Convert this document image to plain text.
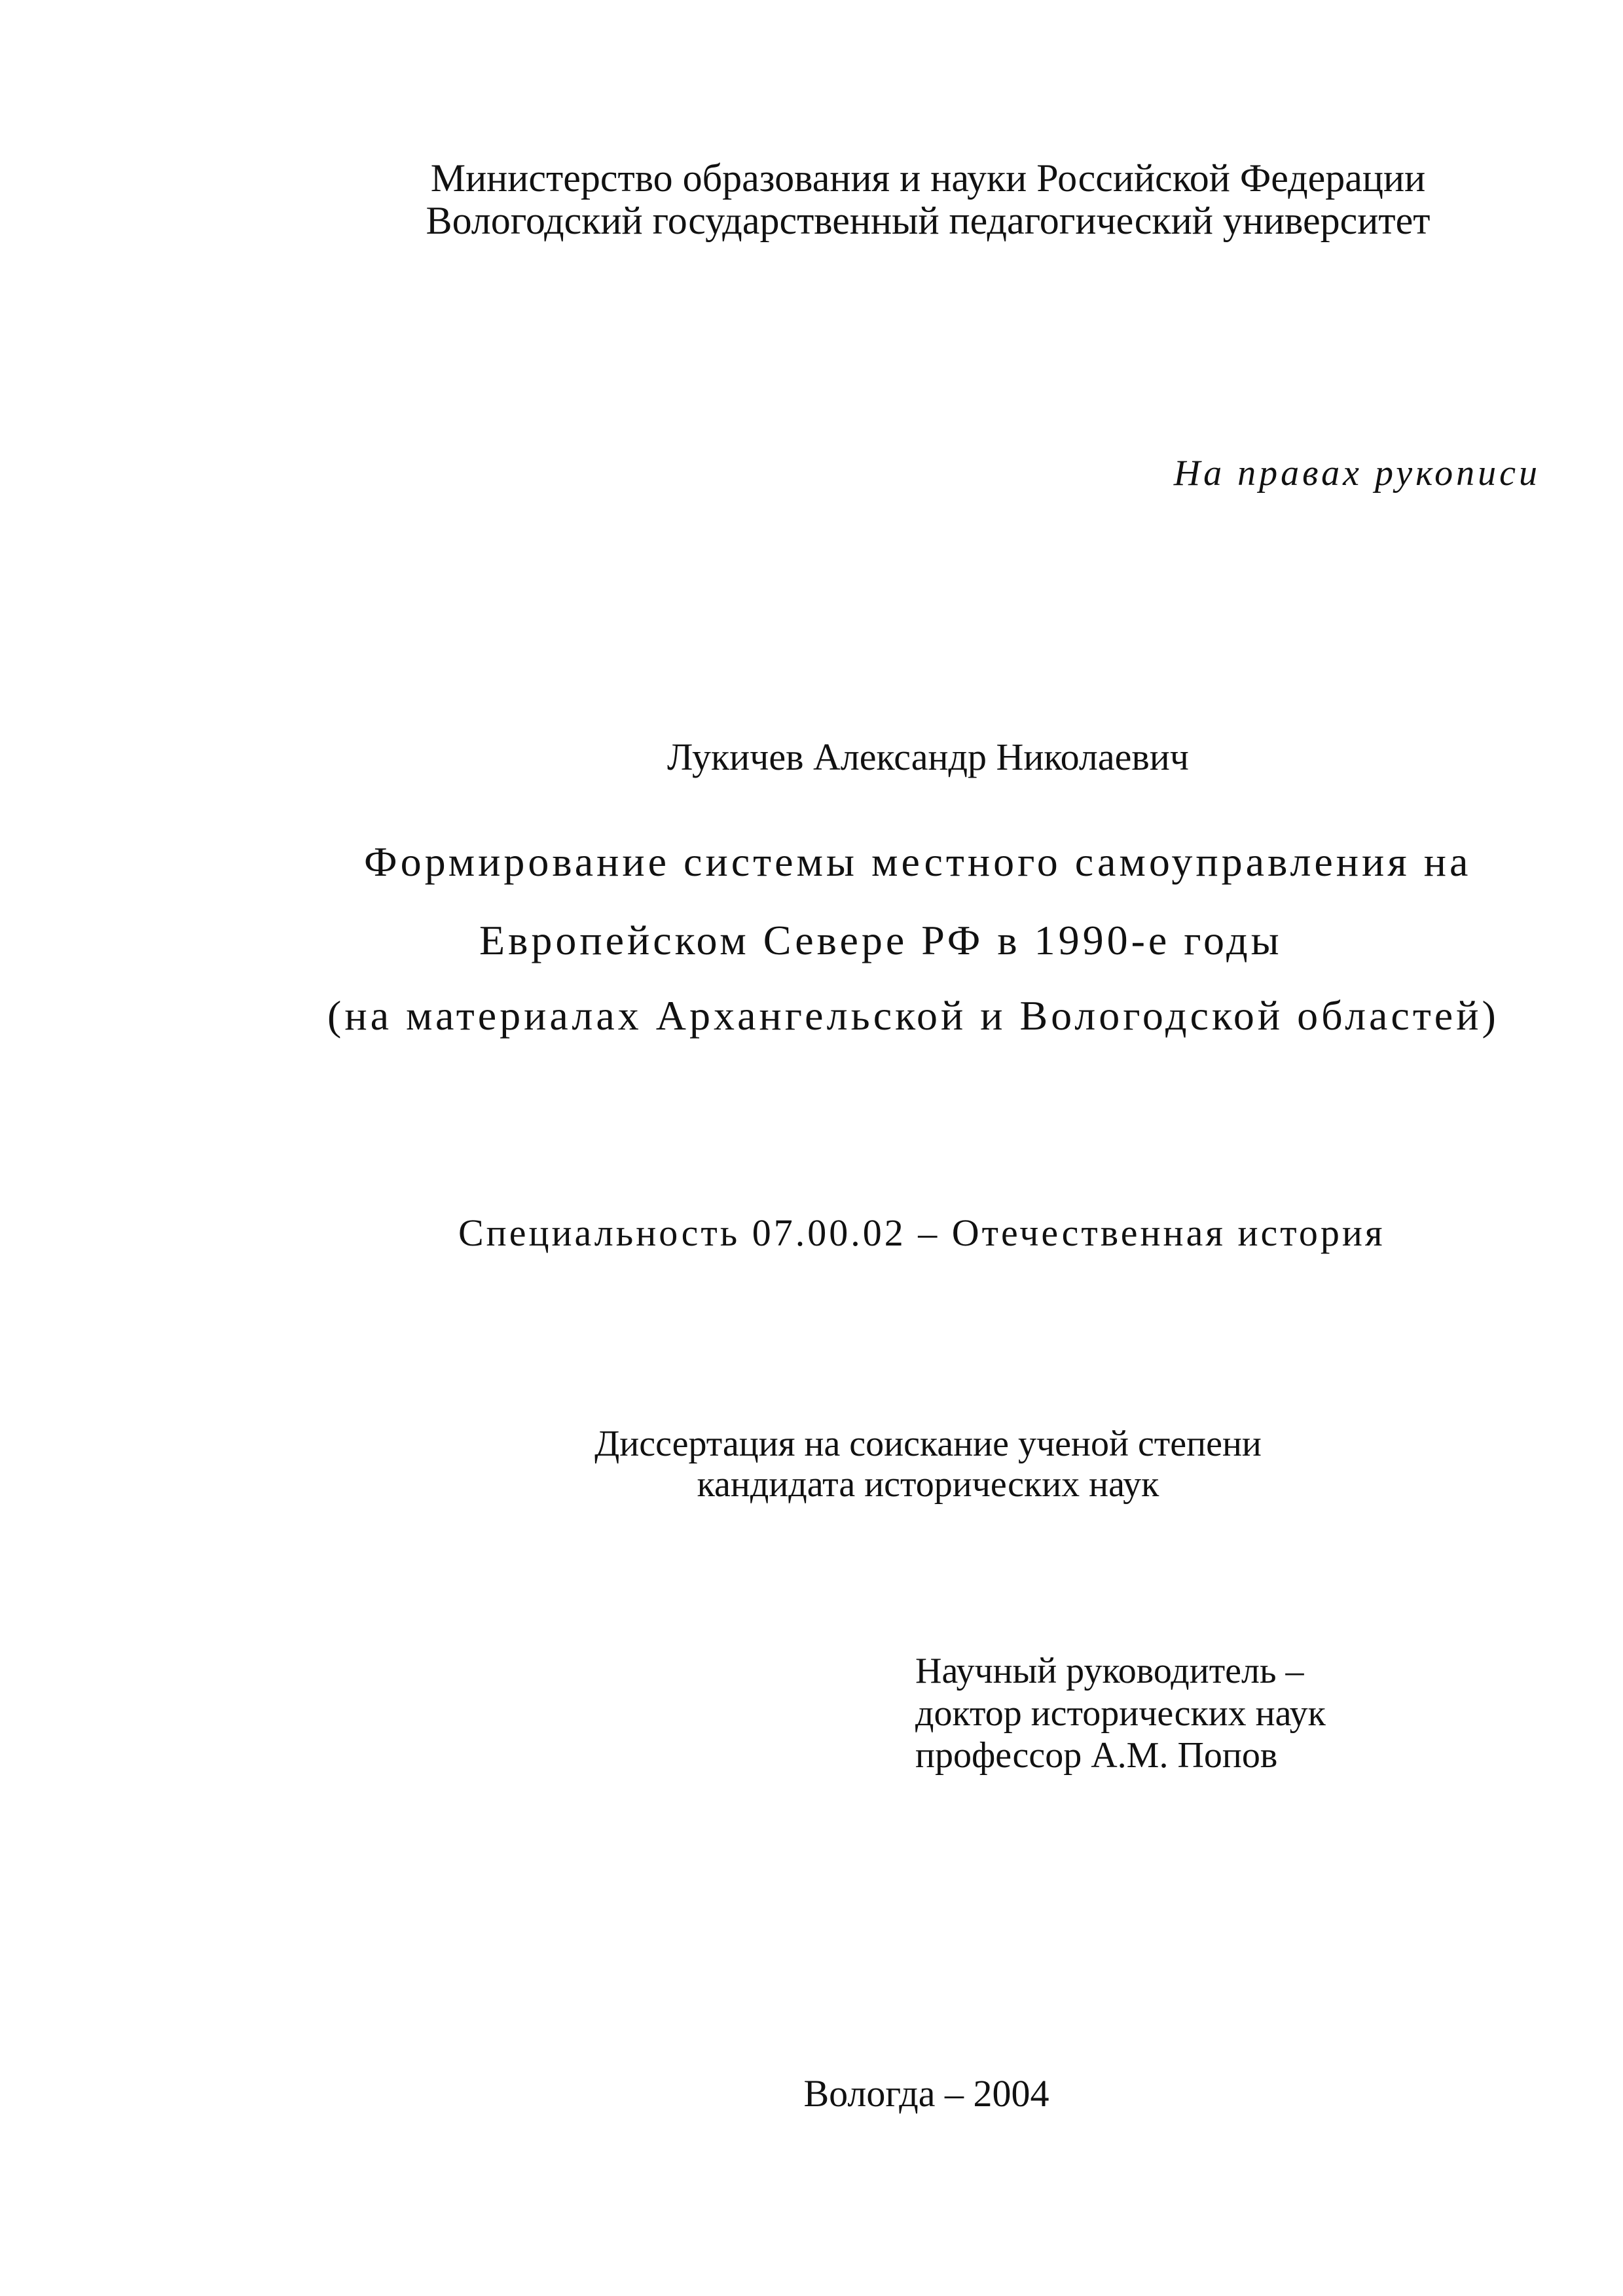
Министерство образования и науки Российской Федерации
Вологодский государственный педагогический университет
На правах рукописи
Лукичев Александр Николаевич
Формирование системы местного самоуправления на
Европейском Севере РФ в 1990-е годы
(на материалах Архангельской и Вологодской областей)
Специальность 07.00.02 – Отечественная история
Диссертация на соискание ученой степени
кандидата исторических наук
Научный руководитель –
доктор исторических наук
профессор А.М. Попов
Вологда – 2004
